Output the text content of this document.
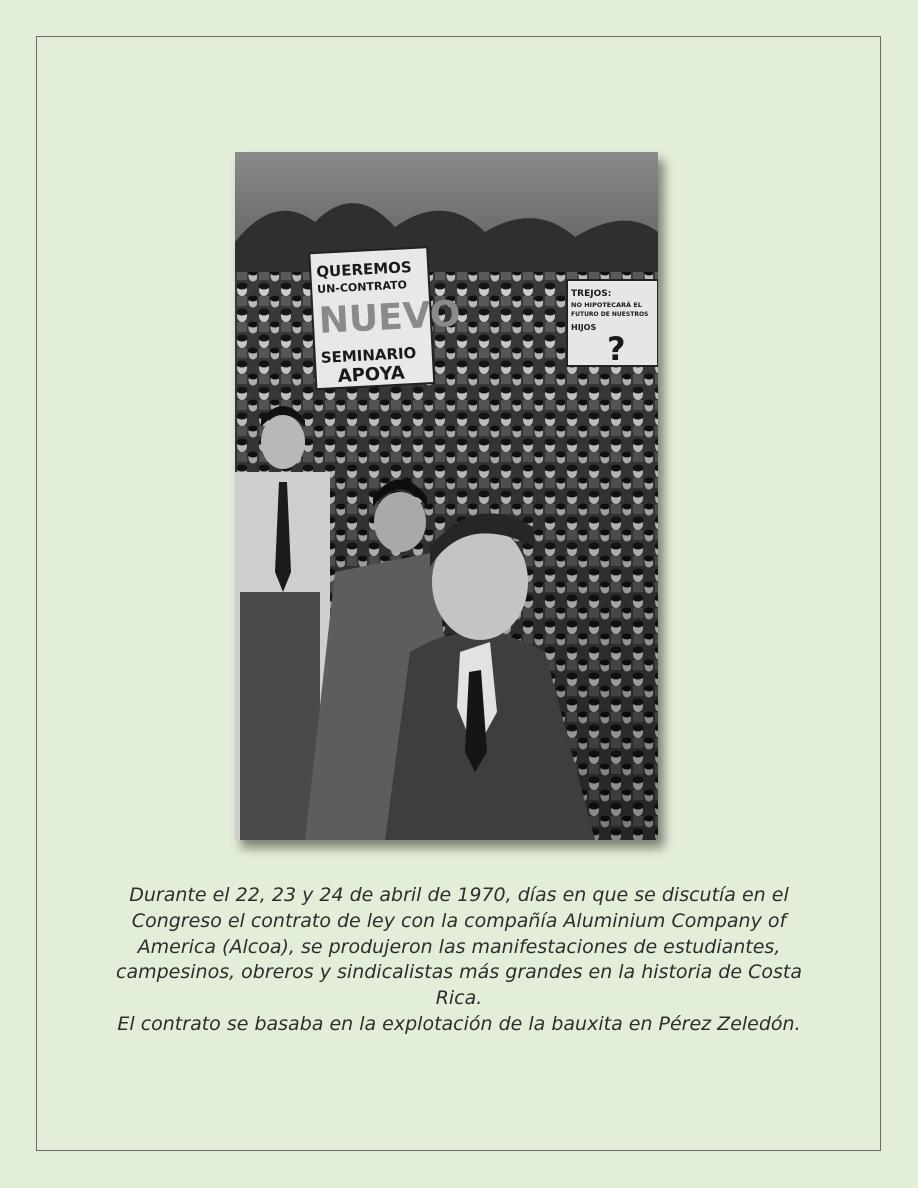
QUEREMOS
UN-CONTRATO
NUEVO
SEMINARIO
APOYA
TREJOS:
NO HIPOTECARÁ EL
FUTURO DE NUESTROS
HIJOS
?

Durante el 22, 23 y 24 de abril de 1970, días en que se discutía en el Congreso el contrato de ley con la compañía Aluminium Company of America (Alcoa), se produjeron las manifestaciones de estudiantes, campesinos, obreros y sindicalistas más grandes en la historia de Costa Rica.

El contrato se basaba en la explotación de la bauxita en Pérez Zeledón.
